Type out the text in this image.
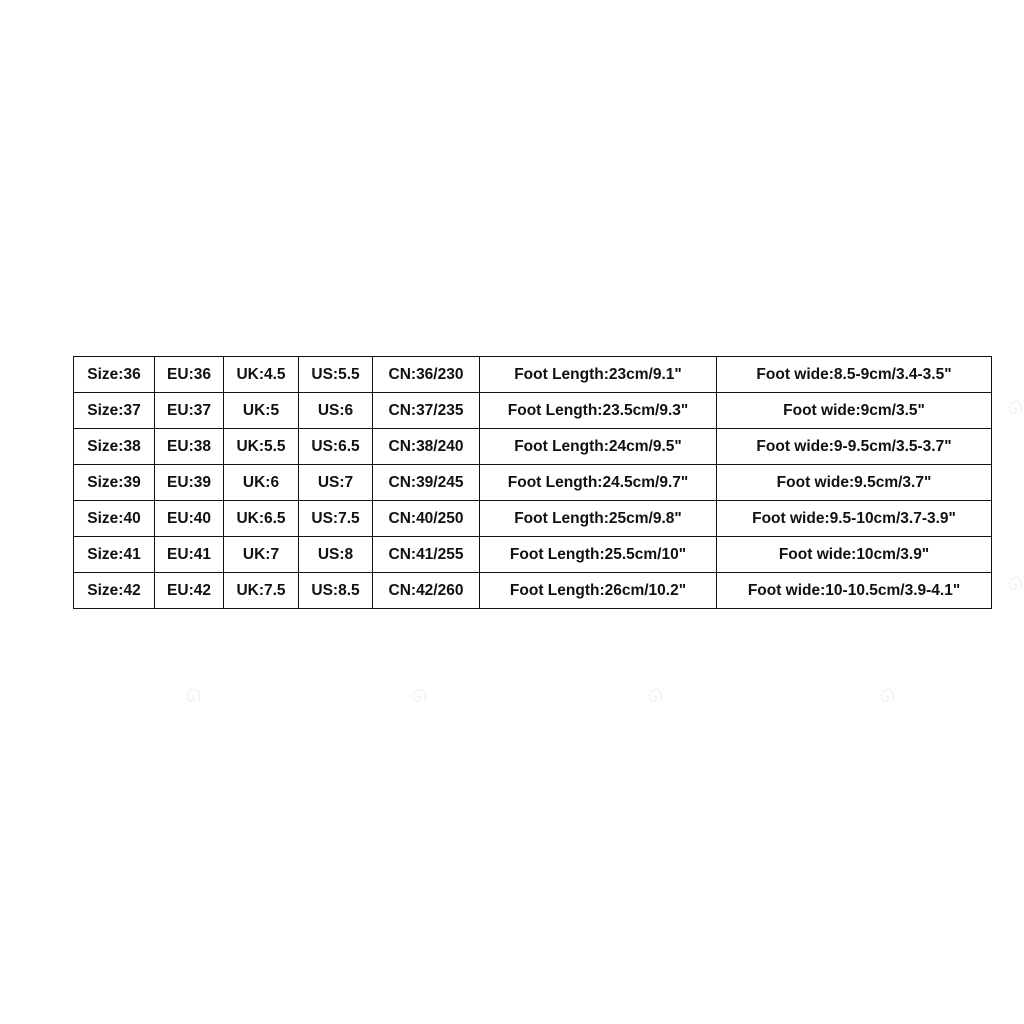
Size:36	EU:36	UK:4.5	US:5.5	CN:36/230	Foot Length:23cm/9.1"	Foot wide:8.5-9cm/3.4-3.5"
Size:37	EU:37	UK:5	US:6	CN:37/235	Foot Length:23.5cm/9.3"	Foot wide:9cm/3.5"
Size:38	EU:38	UK:5.5	US:6.5	CN:38/240	Foot Length:24cm/9.5"	Foot wide:9-9.5cm/3.5-3.7"
Size:39	EU:39	UK:6	US:7	CN:39/245	Foot Length:24.5cm/9.7"	Foot wide:9.5cm/3.7"
Size:40	EU:40	UK:6.5	US:7.5	CN:40/250	Foot Length:25cm/9.8"	Foot wide:9.5-10cm/3.7-3.9"
Size:41	EU:41	UK:7	US:8	CN:41/255	Foot Length:25.5cm/10"	Foot wide:10cm/3.9"
Size:42	EU:42	UK:7.5	US:8.5	CN:42/260	Foot Length:26cm/10.2"	Foot wide:10-10.5cm/3.9-4.1"
ᘏ
ᘏ
ᘏ	ᘏ	ᘏ	ᘏ
